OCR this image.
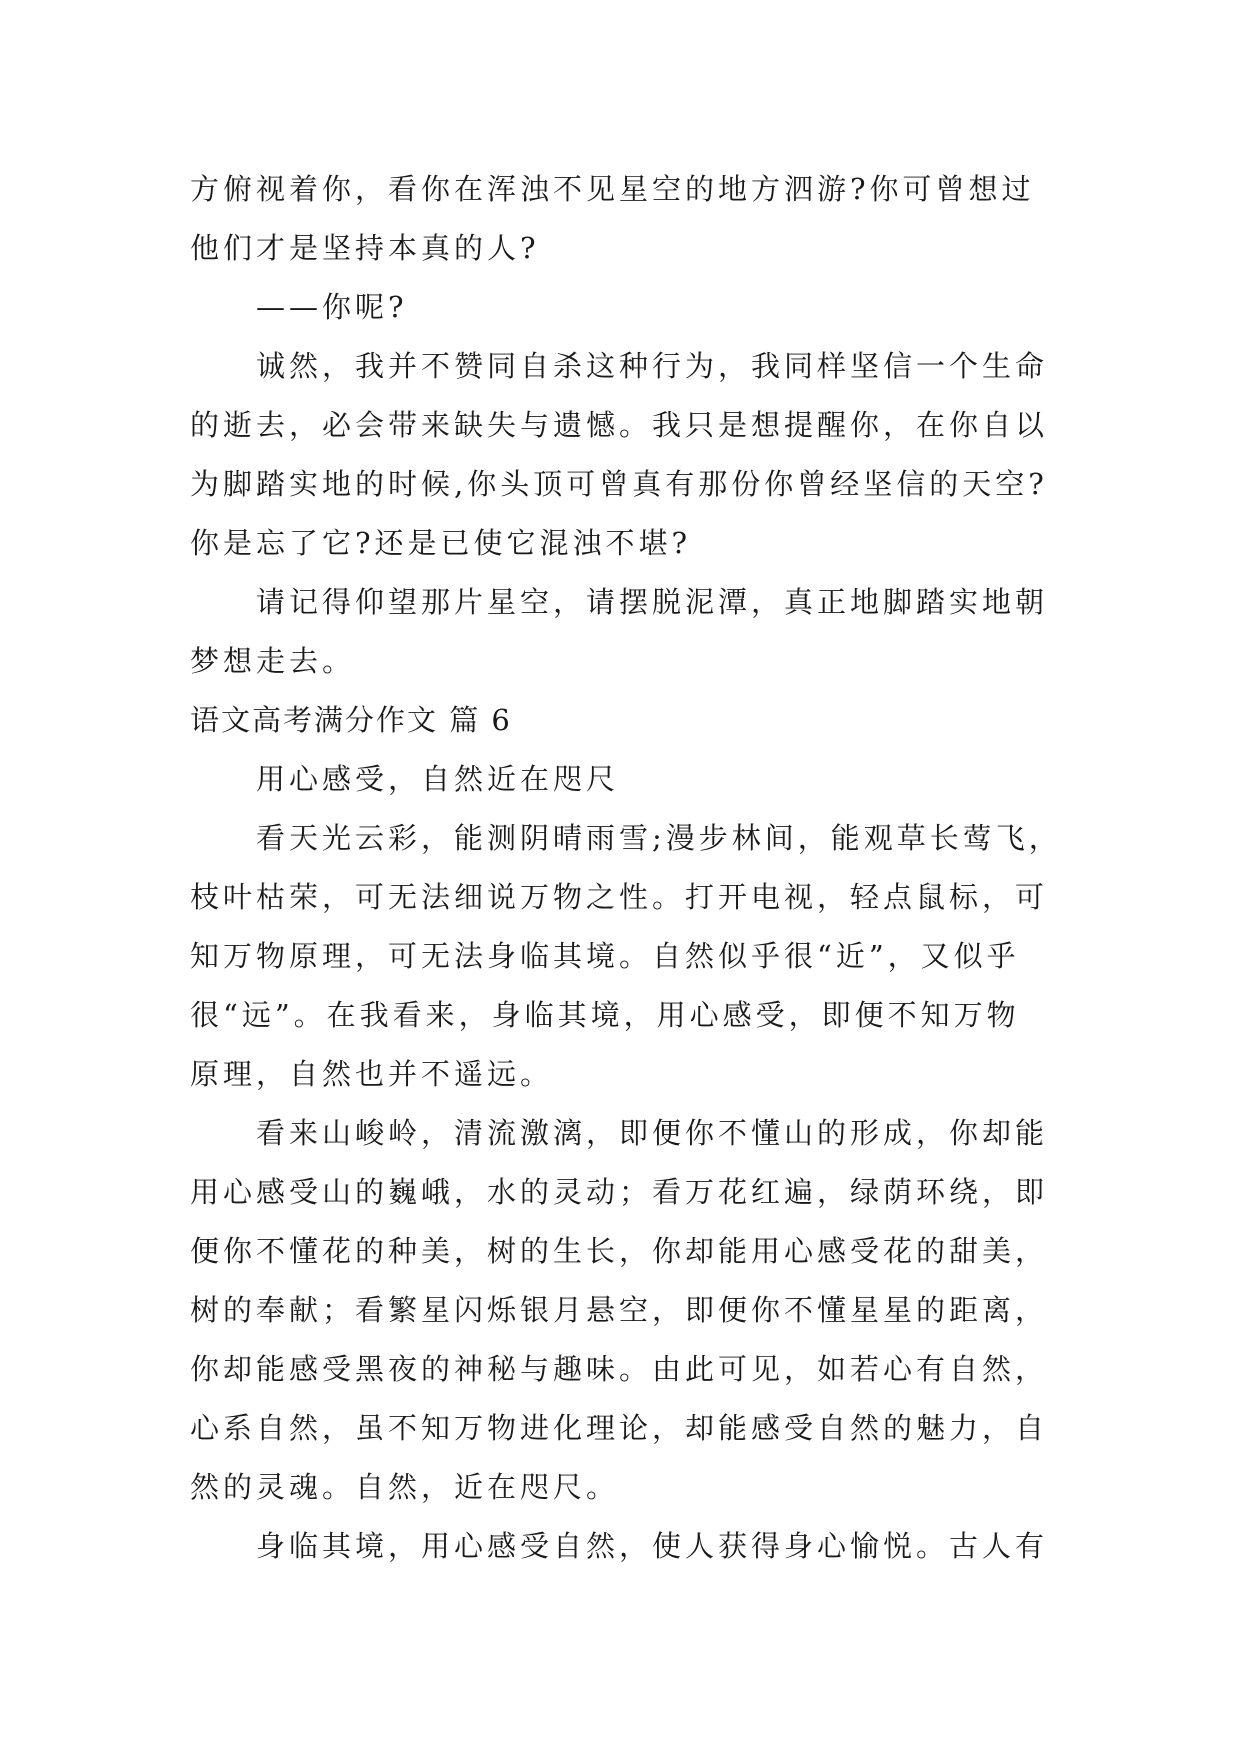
方俯视着你，看你在浑浊不见星空的地方泗游?你可曾想过
他们才是坚持本真的人?
——你呢?
诚然，我并不赞同自杀这种行为，我同样坚信一个生命
的逝去，必会带来缺失与遗憾。我只是想提醒你，在你自以
为脚踏实地的时候,你头顶可曾真有那份你曾经坚信的天空?
你是忘了它?还是已使它混浊不堪?
请记得仰望那片星空，请摆脱泥潭，真正地脚踏实地朝
梦想走去。
语文高考满分作文 篇 6
用心感受，自然近在咫尺
看天光云彩，能测阴晴雨雪;漫步林间，能观草长莺飞，
枝叶枯荣，可无法细说万物之性。打开电视，轻点鼠标，可
知万物原理，可无法身临其境。自然似乎很“近”，又似乎
很“远”。在我看来，身临其境，用心感受，即便不知万物
原理，自然也并不遥远。
看来山峻岭，清流激漓，即便你不懂山的形成，你却能
用心感受山的巍峨，水的灵动；看万花红遍，绿荫环绕，即
便你不懂花的种美，树的生长，你却能用心感受花的甜美，
树的奉献；看繁星闪烁银月悬空，即便你不懂星星的距离，
你却能感受黑夜的神秘与趣味。由此可见，如若心有自然，
心系自然，虽不知万物进化理论，却能感受自然的魅力，自
然的灵魂。自然，近在咫尺。
身临其境，用心感受自然，使人获得身心愉悦。古人有
